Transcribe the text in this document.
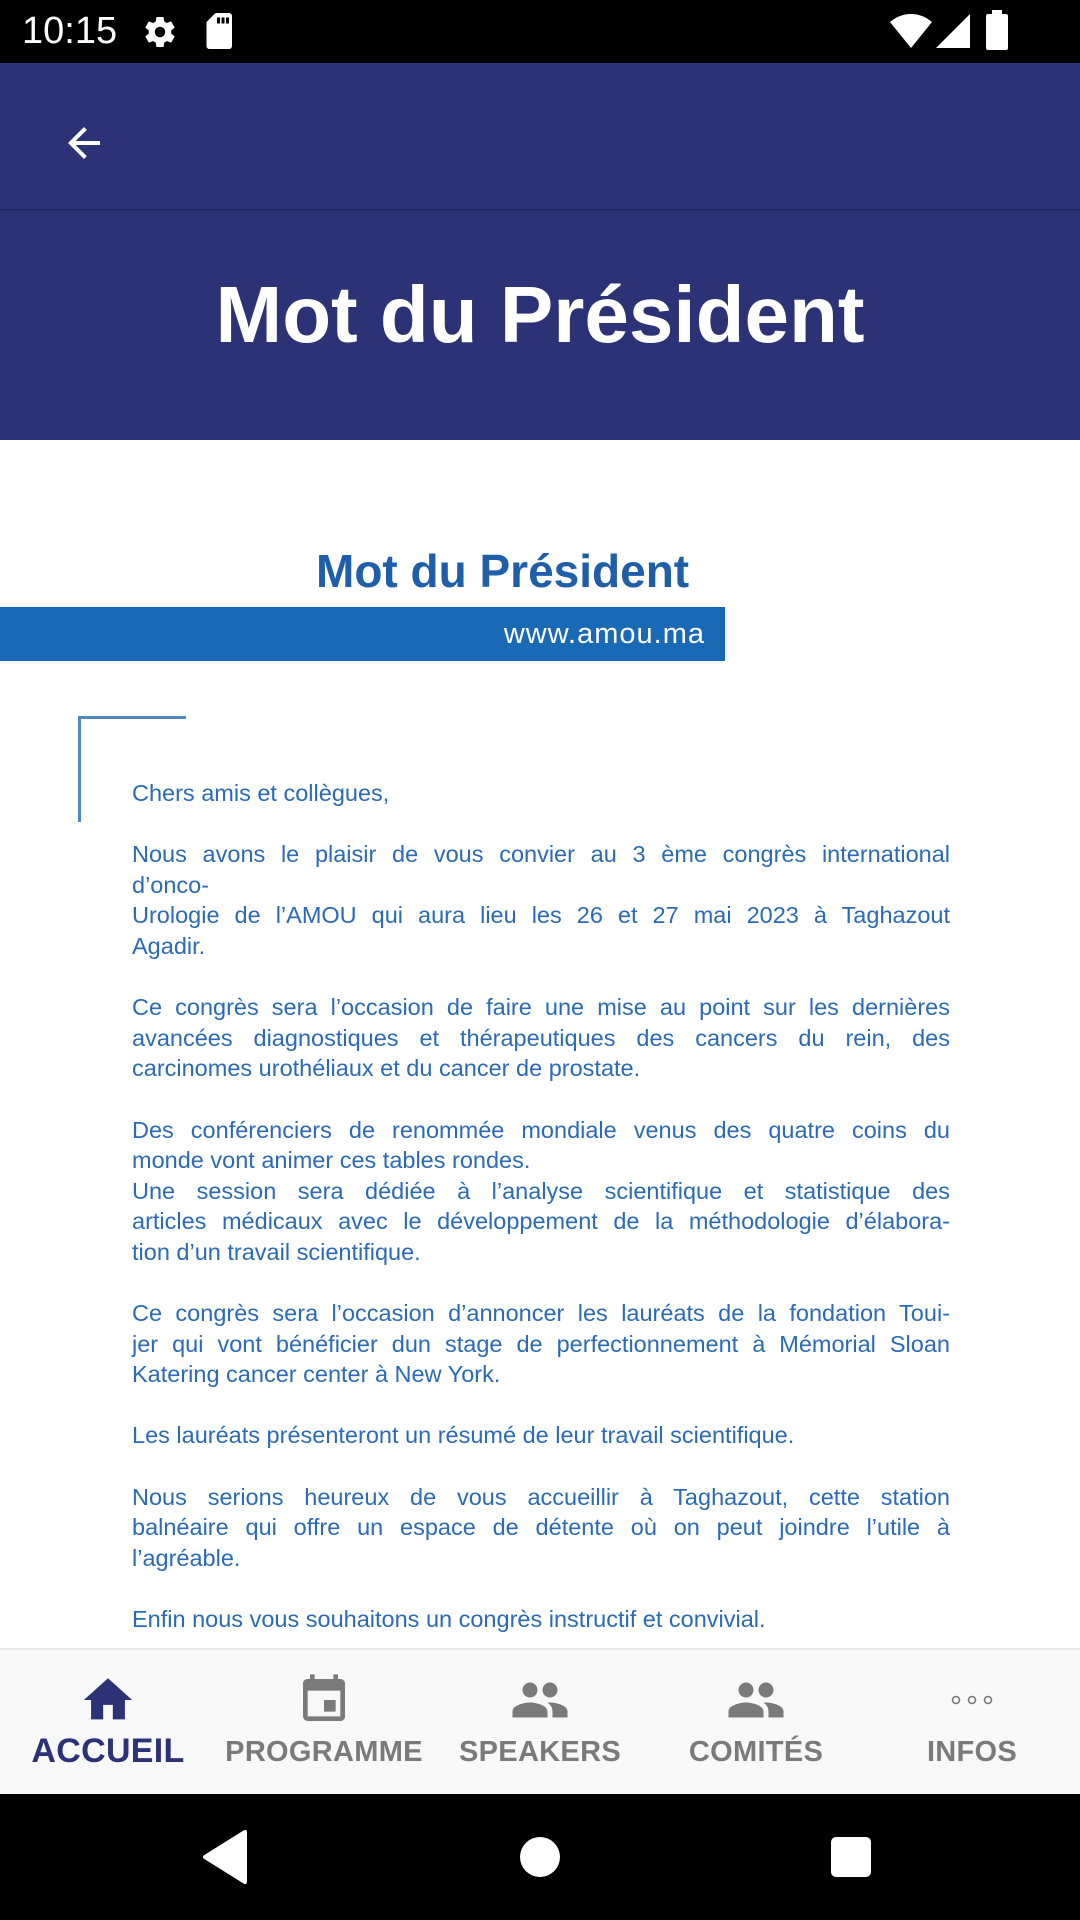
10:15
Mot du Président
Mot du Président
www.amou.ma

Chers amis et collègues,

Nous avons le plaisir de vous convier au 3 ème congrès international
d’onco-
Urologie de l’AMOU qui aura lieu les 26 et 27 mai 2023 à Taghazout
Agadir.

Ce congrès sera l’occasion de faire une mise au point sur les dernières
avancées diagnostiques et thérapeutiques des cancers du rein, des
carcinomes urothéliaux et du cancer de prostate.

Des conférenciers de renommée mondiale venus des quatre coins du
monde vont animer ces tables rondes.
Une session sera dédiée à l’analyse scientifique et statistique des
articles médicaux avec le développement de la méthodologie d’élabora-
tion d’un travail scientifique.

Ce congrès sera l’occasion d’annoncer les lauréats de la fondation Toui-
jer qui vont bénéficier dun stage de perfectionnement à Mémorial Sloan
Katering cancer center à New York.

Les lauréats présenteront un résumé de leur travail scientifique.

Nous serions heureux de vous accueillir à Taghazout, cette station
balnéaire qui offre un espace de détente où on peut joindre l’utile à
l’agréable.

Enfin nous vous souhaitons un congrès instructif et convivial.

ACCUEIL	PROGRAMME	SPEAKERS	COMITÉS	INFOS
